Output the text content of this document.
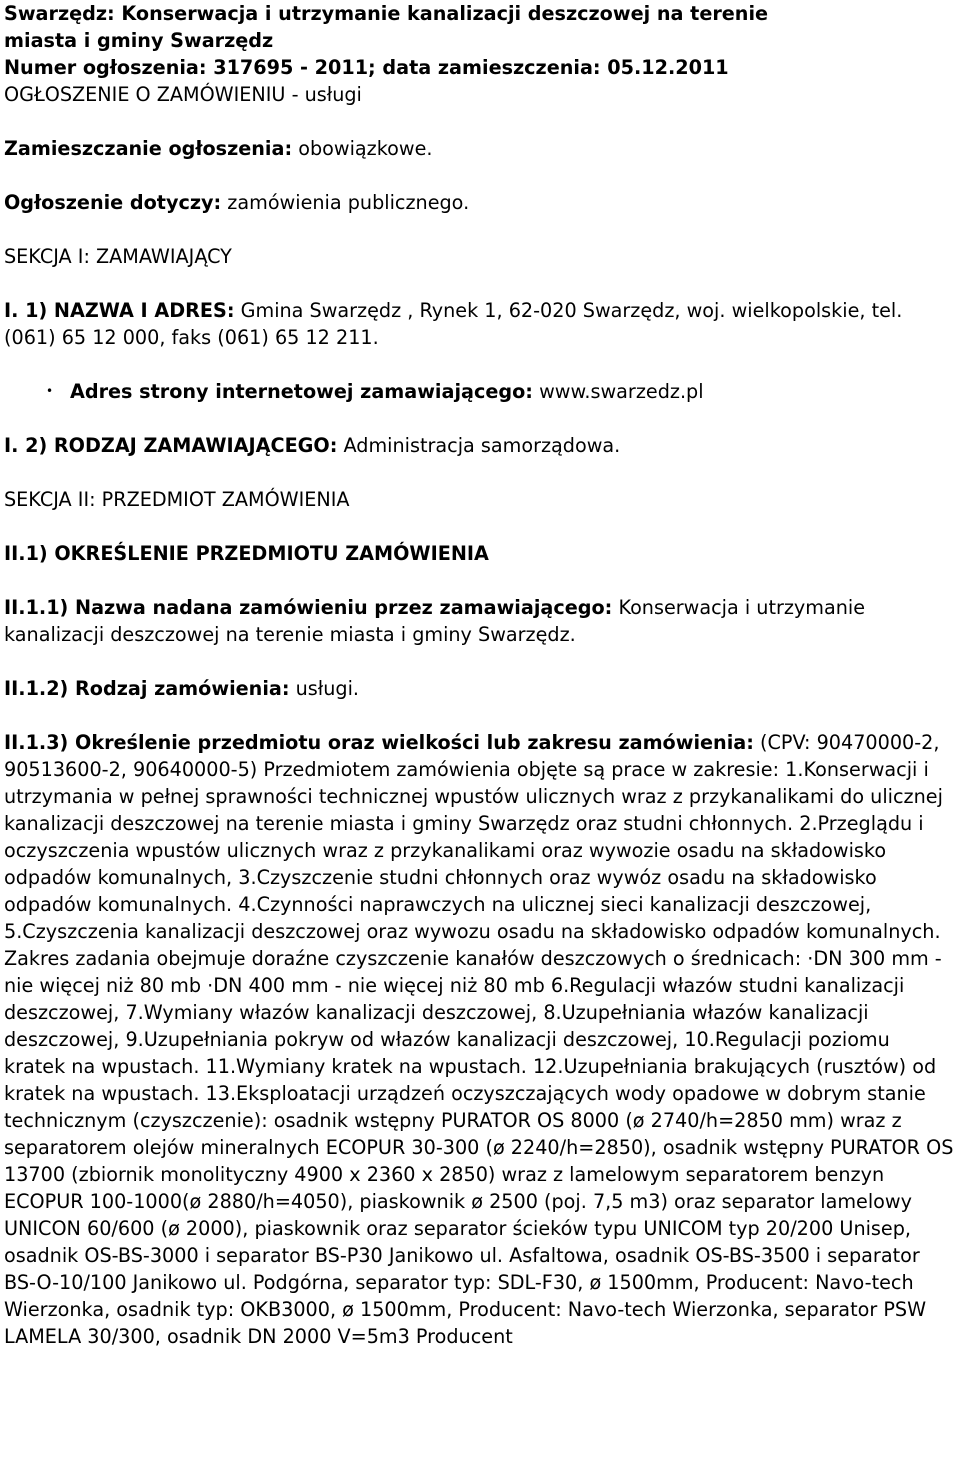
Swarzędz: Konserwacja i utrzymanie kanalizacji deszczowej na terenie
miasta i gminy Swarzędz
Numer ogłoszenia: 317695 - 2011; data zamieszczenia: 05.12.2011

OGŁOSZENIE O ZAMÓWIENIU - usługi

Zamieszczanie ogłoszenia: obowiązkowe.

Ogłoszenie dotyczy: zamówienia publicznego.

SEKCJA I: ZAMAWIAJĄCY

I. 1) NAZWA I ADRES: Gmina Swarzędz , Rynek 1, 62-020 Swarzędz, woj. wielkopolskie, tel. (061) 65 12 000, faks (061) 65 12 211.

• Adres strony internetowej zamawiającego: www.swarzedz.pl

I. 2) RODZAJ ZAMAWIAJĄCEGO: Administracja samorządowa.

SEKCJA II: PRZEDMIOT ZAMÓWIENIA

II.1) OKREŚLENIE PRZEDMIOTU ZAMÓWIENIA

II.1.1) Nazwa nadana zamówieniu przez zamawiającego: Konserwacja i utrzymanie kanalizacji deszczowej na terenie miasta i gminy Swarzędz.

II.1.2) Rodzaj zamówienia: usługi.

II.1.3) Określenie przedmiotu oraz wielkości lub zakresu zamówienia: (CPV: 90470000-2, 90513600-2, 90640000-5) Przedmiotem zamówienia objęte są prace w zakresie: 1.Konserwacji i utrzymania w pełnej sprawności technicznej wpustów ulicznych wraz z przykanalikami do ulicznej kanalizacji deszczowej na terenie miasta i gminy Swarzędz oraz studni chłonnych. 2.Przeglądu i oczyszczenia wpustów ulicznych wraz z przykanalikami oraz wywozie osadu na składowisko odpadów komunalnych, 3.Czyszczenie studni chłonnych oraz wywóz osadu na składowisko odpadów komunalnych. 4.Czynności naprawczych na ulicznej sieci kanalizacji deszczowej, 5.Czyszczenia kanalizacji deszczowej oraz wywozu osadu na składowisko odpadów komunalnych. Zakres zadania obejmuje doraźne czyszczenie kanałów deszczowych o średnicach: ·DN 300 mm - nie więcej niż 80 mb ·DN 400 mm - nie więcej niż 80 mb 6.Regulacji włazów studni kanalizacji deszczowej, 7.Wymiany włazów kanalizacji deszczowej, 8.Uzupełniania włazów kanalizacji deszczowej, 9.Uzupełniania pokryw od włazów kanalizacji deszczowej, 10.Regulacji poziomu kratek na wpustach. 11.Wymiany kratek na wpustach. 12.Uzupełniania brakujących (rusztów) od kratek na wpustach. 13.Eksploatacji urządzeń oczyszczających wody opadowe w dobrym stanie technicznym (czyszczenie): osadnik wstępny PURATOR OS 8000 (ø 2740/h=2850 mm) wraz z separatorem olejów mineralnych ECOPUR 30-300 (ø 2240/h=2850), osadnik wstępny PURATOR OS 13700 (zbiornik monolityczny 4900 x 2360 x 2850) wraz z lamelowym separatorem benzyn ECOPUR 100-1000(ø 2880/h=4050), piaskownik ø 2500 (poj. 7,5 m3) oraz separator lamelowy UNICON 60/600 (ø 2000), piaskownik oraz separator ścieków typu UNICOM typ 20/200 Unisep, osadnik OS-BS-3000 i separator BS-P30 Janikowo ul. Asfaltowa, osadnik OS-BS-3500 i separator BS-O-10/100 Janikowo ul. Podgórna, separator typ: SDL-F30, ø 1500mm, Producent: Navo-tech Wierzonka, osadnik typ: OKB3000, ø 1500mm, Producent: Navo-tech Wierzonka, separator PSW LAMELA 30/300, osadnik DN 2000 V=5m3 Producent
